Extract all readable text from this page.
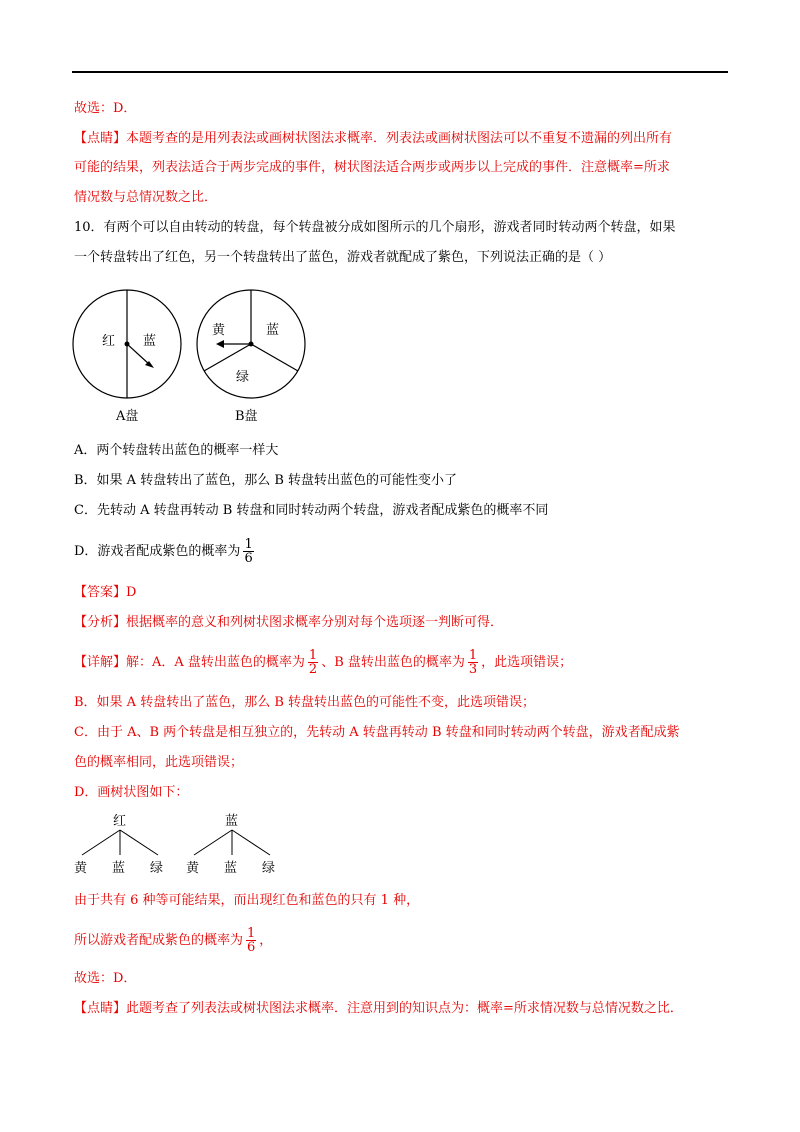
故选：D．
【点睛】本题考查的是用列表法或画树状图法求概率．列表法或画树状图法可以不重复不遗漏的列出所有
可能的结果，列表法适合于两步完成的事件，树状图法适合两步或两步以上完成的事件．注意概率=所求
情况数与总情况数之比．
10．有两个可以自由转动的转盘，每个转盘被分成如图所示的几个扇形，游戏者同时转动两个转盘，如果
一个转盘转出了红色，另一个转盘转出了蓝色，游戏者就配成了紫色，下列说法正确的是（ ）
红 蓝
A盘
黄	蓝
绿
B盘
A．两个转盘转出蓝色的概率一样大
B．如果 A 转盘转出了蓝色，那么 B 转盘转出蓝色的可能性变小了
C．先转动 A 转盘再转动 B 转盘和同时转动两个转盘，游戏者配成紫色的概率不同
D．游戏者配成紫色的概率为 $\frac{1}{6}$
【答案】D
【分析】根据概率的意义和列树状图求概率分别对每个选项逐一判断可得．
【详解】解：A．A 盘转出蓝色的概率为 $\frac{1}{2}$ 、B 盘转出蓝色的概率为 $\frac{1}{3}$ ，此选项错误；
B．如果 A 转盘转出了蓝色，那么 B 转盘转出蓝色的可能性不变，此选项错误；
C．由于 A、B 两个转盘是相互独立的，先转动 A 转盘再转动 B 转盘和同时转动两个转盘，游戏者配成紫
色的概率相同，此选项错误；
D．画树状图如下：
红
黄 蓝 绿
蓝
黄 蓝 绿
由于共有 6 种等可能结果，而出现红色和蓝色的只有 1 种，
所以游戏者配成紫色的概率为 $\frac{1}{6}$ ，
故选：D．
【点睛】此题考查了列表法或树状图法求概率．注意用到的知识点为：概率=所求情况数与总情况数之比．
